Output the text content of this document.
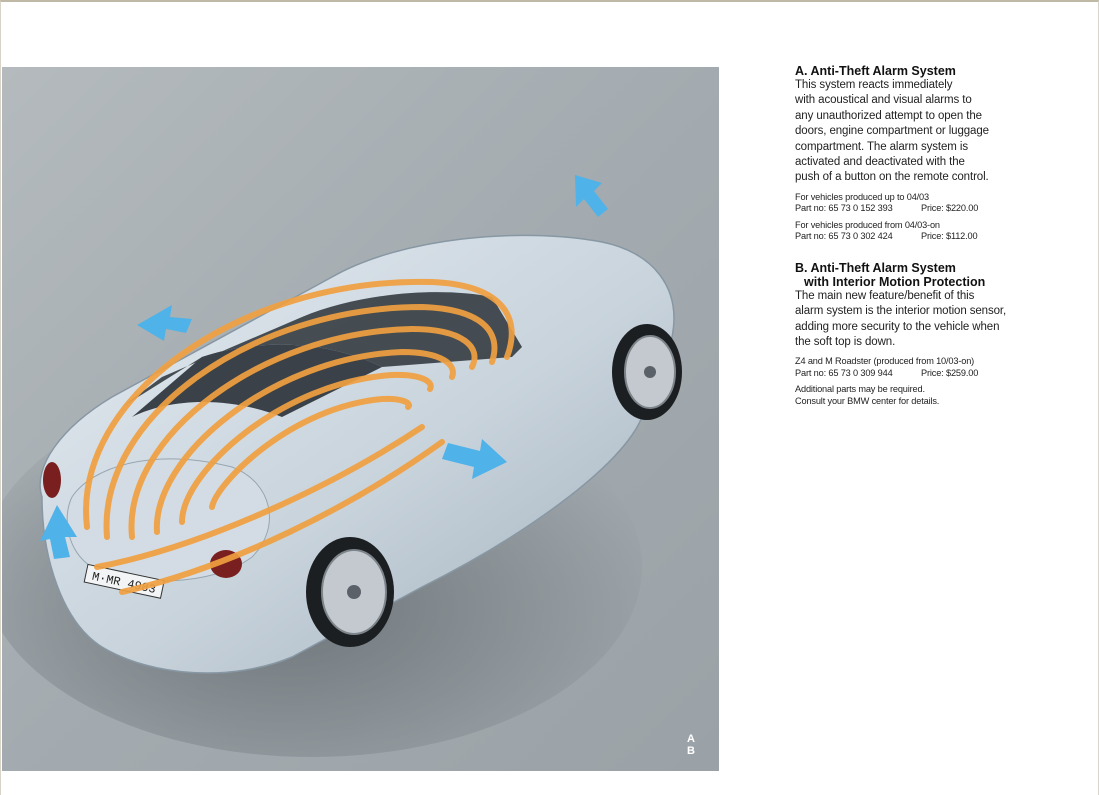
M·MR 4983
A
B
A. Anti-Theft Alarm System

This system reacts immediately
with acoustical and visual alarms to
any unauthorized attempt to open the
doors, engine compartment or luggage
compartment. The alarm system is
activated and deactivated with the
push of a button on the remote control.

For vehicles produced up to 04/03
Part no: 65 73 0 152 393	Price: $220.00

For vehicles produced from 04/03-on
Part no: 65 73 0 302 424	Price: $112.00

B. Anti-Theft Alarm System
with Interior Motion Protection

The main new feature/benefit of this
alarm system is the interior motion sensor,
adding more security to the vehicle when
the soft top is down.

Z4 and M Roadster (produced from 10/03-on)
Part no: 65 73 0 309 944	Price: $259.00

Additional parts may be required.
Consult your BMW center for details.
